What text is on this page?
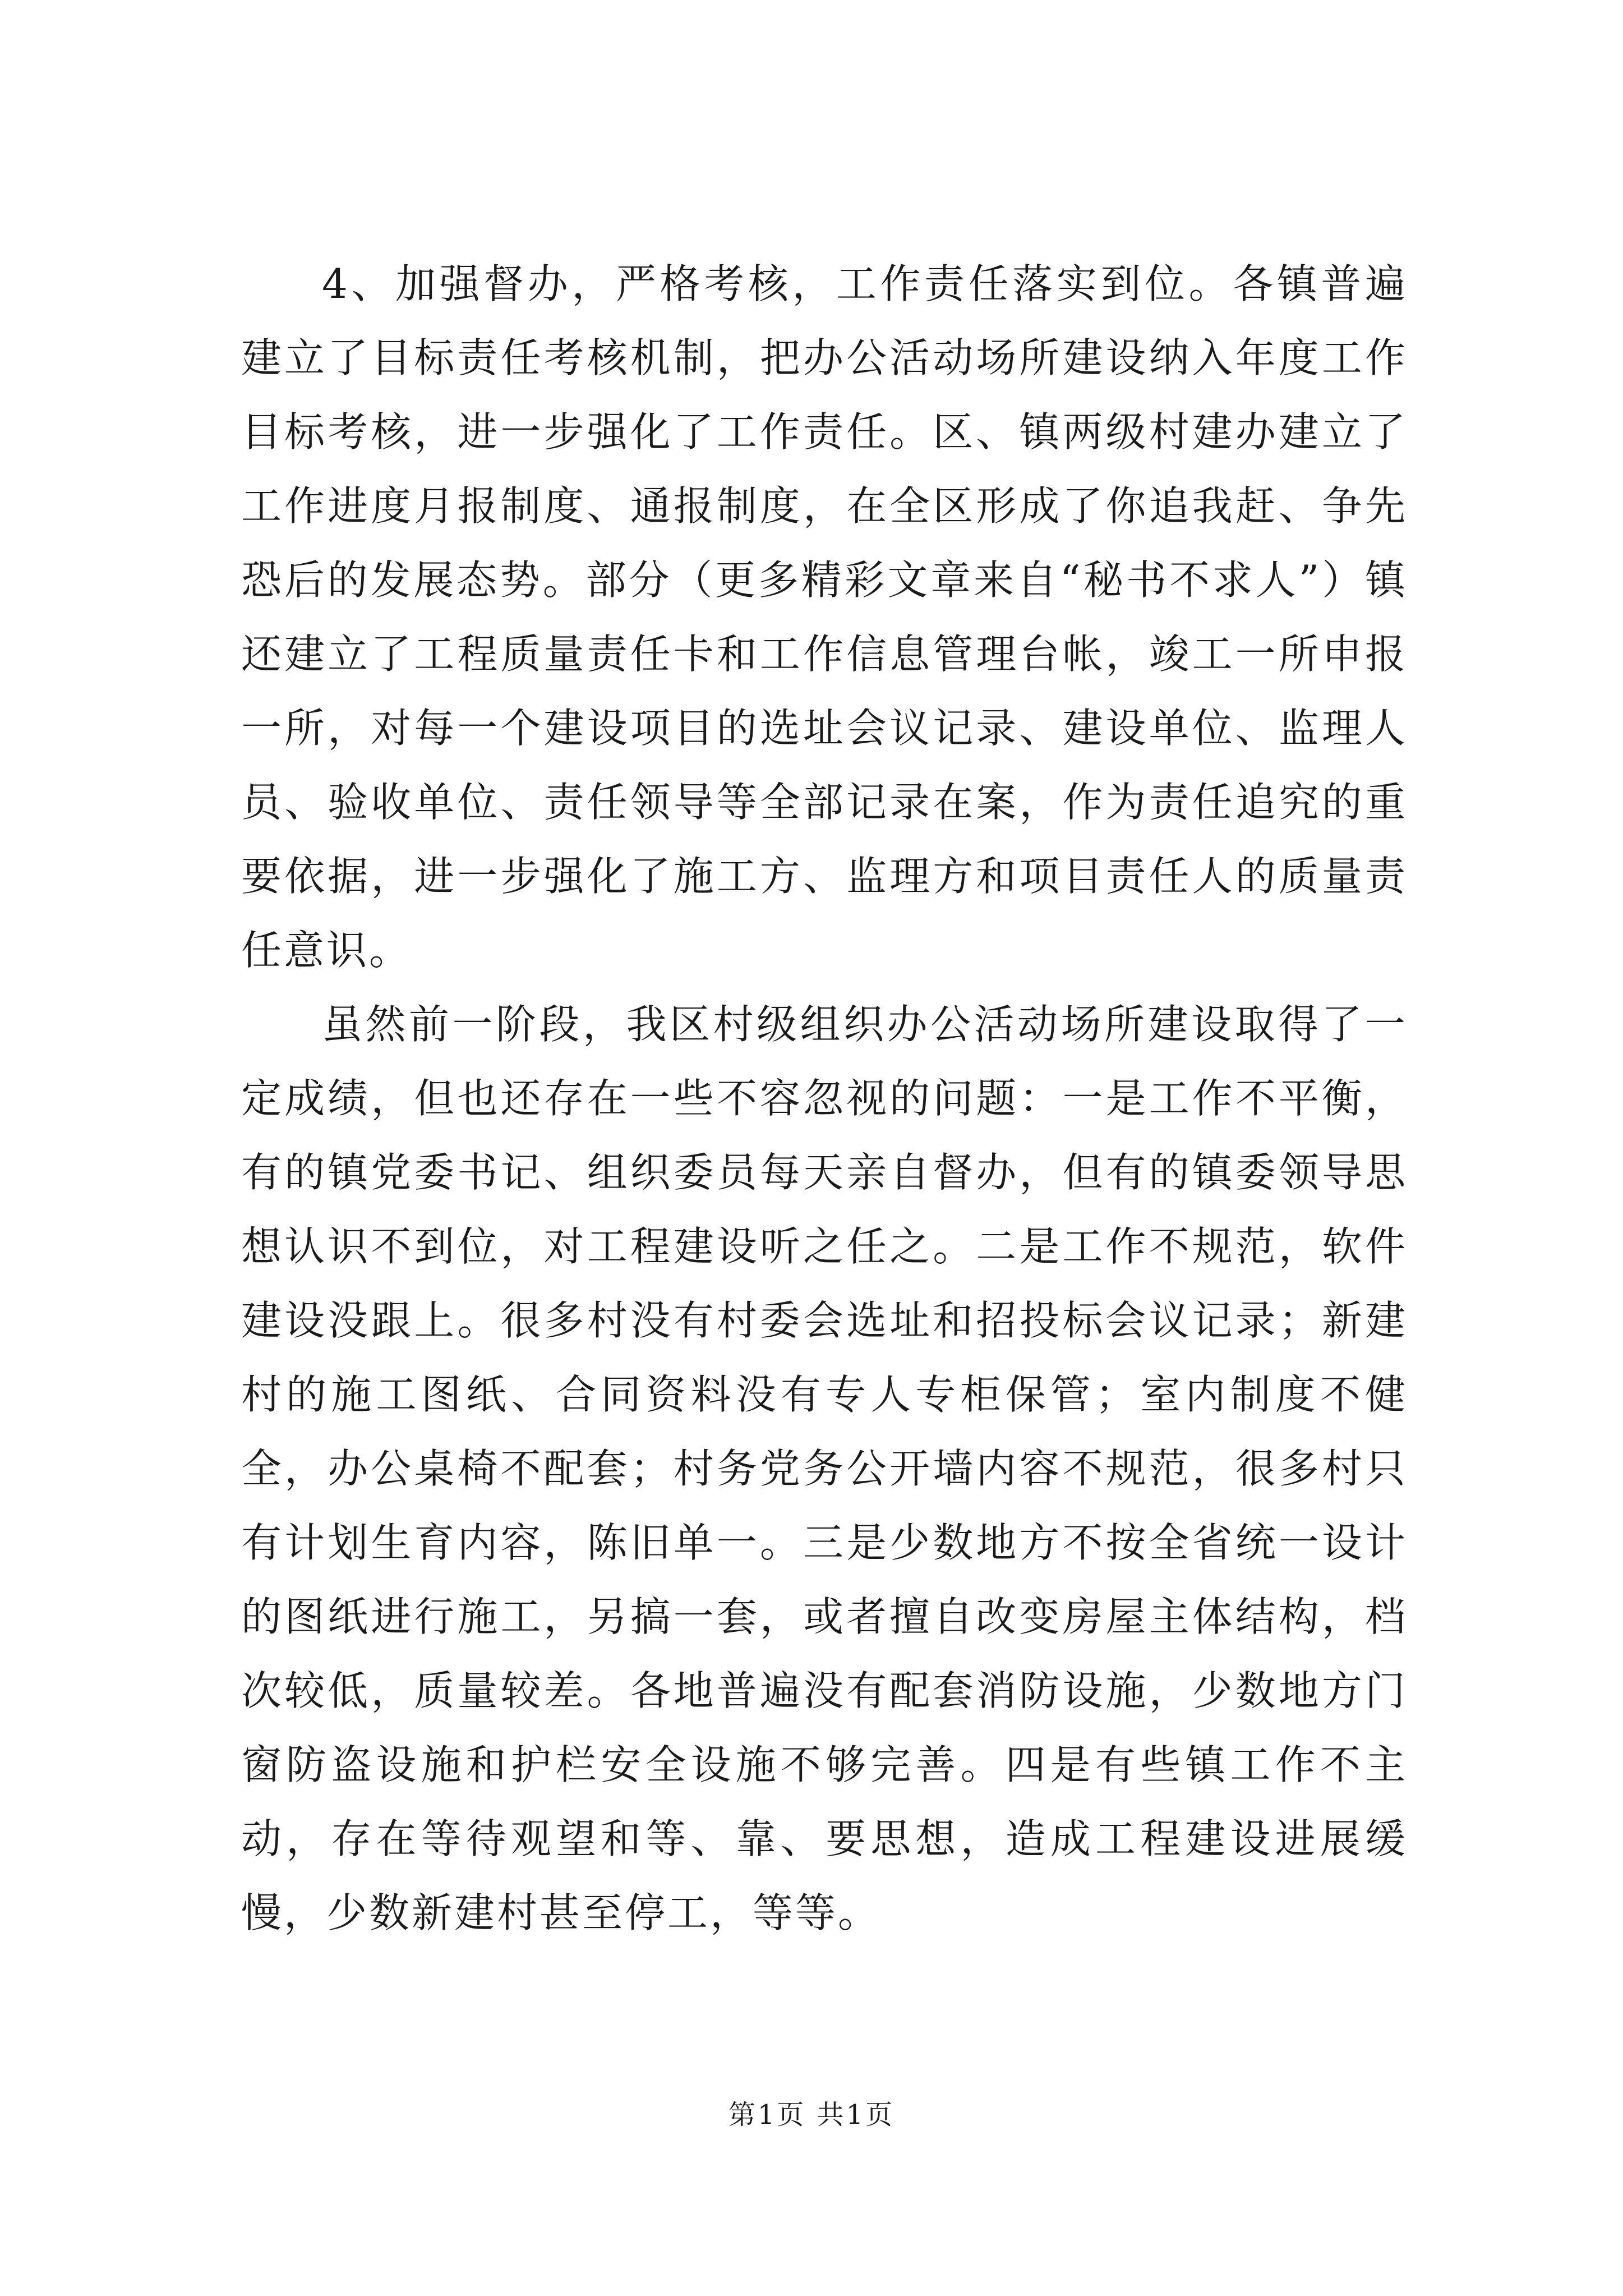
4、加强督办，严格考核，工作责任落实到位。各镇普遍建立了目标责任考核机制，把办公活动场所建设纳入年度工作目标考核，进一步强化了工作责任。区、镇两级村建办建立了工作进度月报制度、通报制度，在全区形成了你追我赶、争先恐后的发展态势。部分（更多精彩文章来自“秘书不求人”）镇还建立了工程质量责任卡和工作信息管理台帐，竣工一所申报一所，对每一个建设项目的选址会议记录、建设单位、监理人员、验收单位、责任领导等全部记录在案，作为责任追究的重要依据，进一步强化了施工方、监理方和项目责任人的质量责任意识。

虽然前一阶段，我区村级组织办公活动场所建设取得了一定成绩，但也还存在一些不容忽视的问题：一是工作不平衡，有的镇党委书记、组织委员每天亲自督办，但有的镇委领导思想认识不到位，对工程建设听之任之。二是工作不规范，软件建设没跟上。很多村没有村委会选址和招投标会议记录；新建村的施工图纸、合同资料没有专人专柜保管；室内制度不健全，办公桌椅不配套；村务党务公开墙内容不规范，很多村只有计划生育内容，陈旧单一。三是少数地方不按全省统一设计的图纸进行施工，另搞一套，或者擅自改变房屋主体结构，档次较低，质量较差。各地普遍没有配套消防设施，少数地方门窗防盗设施和护栏安全设施不够完善。四是有些镇工作不主动，存在等待观望和等、靠、要思想，造成工程建设进展缓慢，少数新建村甚至停工，等等。

第1页 共1页
